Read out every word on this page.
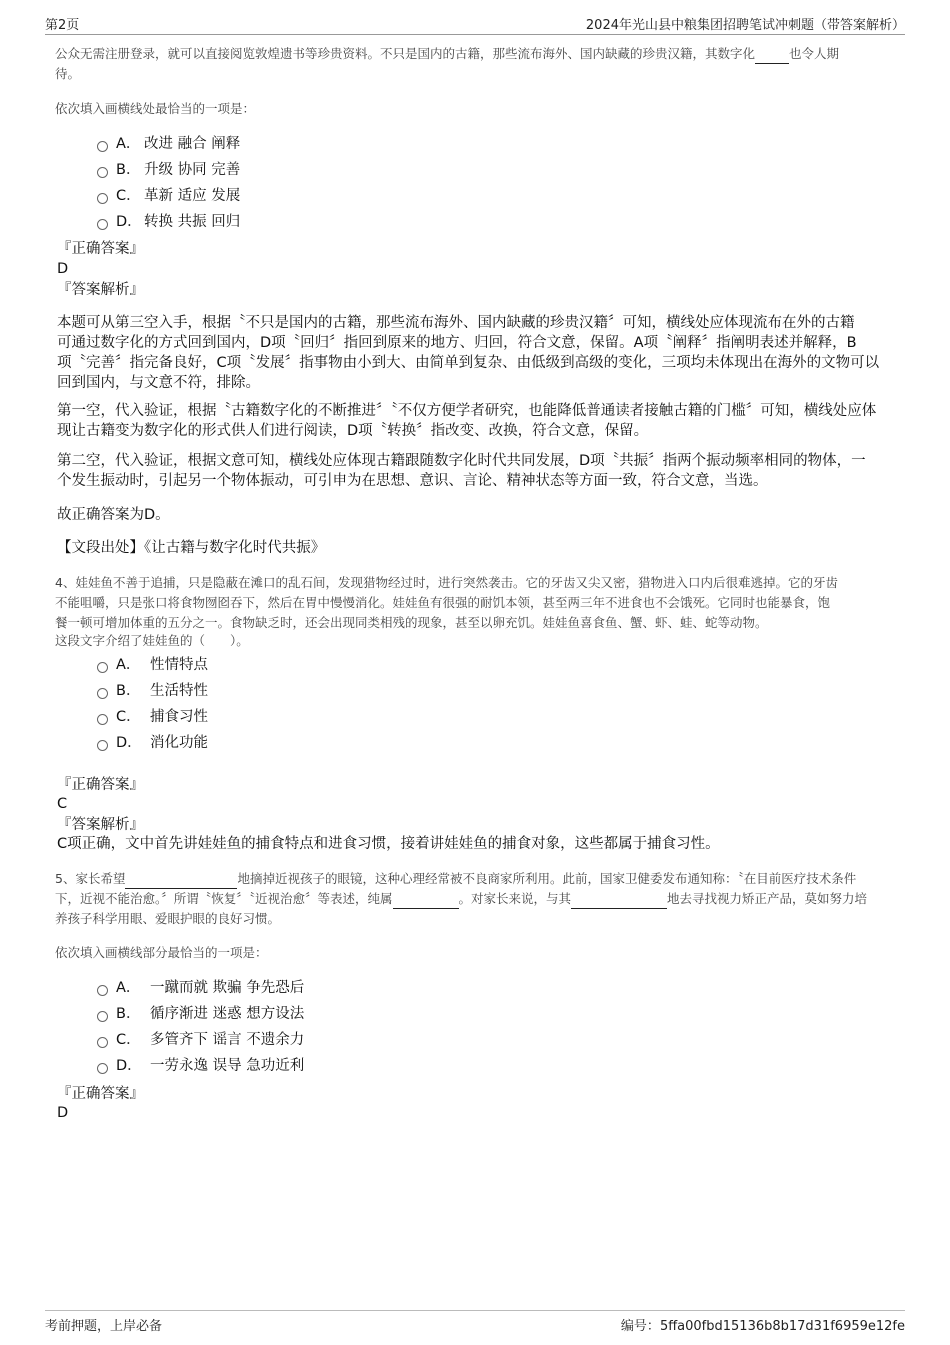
第2页	2024年光山县中粮集团招聘笔试冲刺题（带答案解析）
公众无需注册登录，就可以直接阅览敦煌遗书等珍贵资料。不只是国内的古籍，那些流布海外、国内缺藏的珍贵汉籍，其数字化	也令人期
待。
依次填入画横线处最恰当的一项是：
A． 改进 融合 阐释
B． 升级 协同 完善
C． 革新 适应 发展
D． 转换 共振 回归
『正确答案』
D
『答案解析』
本题可从第三空入手，根据〝不只是国内的古籍，那些流布海外、国内缺藏的珍贵汉籍〞可知，横线处应体现流布在外的古籍
可通过数字化的方式回到国内，D项〝回归〞指回到原来的地方、归回，符合文意，保留。A项〝阐释〞指阐明表述并解释，B
项〝完善〞指完备良好，C项〝发展〞指事物由小到大、由简单到复杂、由低级到高级的变化，三项均未体现出在海外的文物可以
回到国内，与文意不符，排除。
第一空，代入验证，根据〝古籍数字化的不断推进〞〝不仅方便学者研究，也能降低普通读者接触古籍的门槛〞可知，横线处应体
现让古籍变为数字化的形式供人们进行阅读，D项〝转换〞指改变、改换，符合文意，保留。
第二空，代入验证，根据文意可知，横线处应体现古籍跟随数字化时代共同发展，D项〝共振〞指两个振动频率相同的物体，一
个发生振动时，引起另一个物体振动，可引申为在思想、意识、言论、精神状态等方面一致，符合文意，当选。
故正确答案为D。
【文段出处】《让古籍与数字化时代共振》
4、娃娃鱼不善于追捕，只是隐蔽在滩口的乱石间，发现猎物经过时，进行突然袭击。它的牙齿又尖又密，猎物进入口内后很难逃掉。它的牙齿
不能咀嚼，只是张口将食物囫囵吞下，然后在胃中慢慢消化。娃娃鱼有很强的耐饥本领，甚至两三年不进食也不会饿死。它同时也能暴食，饱
餐一顿可增加体重的五分之一。食物缺乏时，还会出现同类相残的现象，甚至以卵充饥。娃娃鱼喜食鱼、蟹、虾、蛙、蛇等动物。
这段文字介绍了娃娃鱼的（　　）。
A． 性情特点
B． 生活特性
C． 捕食习性
D． 消化功能
『正确答案』
C
『答案解析』
C项正确，文中首先讲娃娃鱼的捕食特点和进食习惯，接着讲娃娃鱼的捕食对象，这些都属于捕食习性。
5、家长希望	地摘掉近视孩子的眼镜，这种心理经常被不良商家所利用。此前，国家卫健委发布通知称：〝在目前医疗技术条件
下，近视不能治愈。〞所谓〝恢复〞〝近视治愈〞等表述，纯属	。对家长来说，与其	地去寻找视力矫正产品，莫如努力培
养孩子科学用眼、爱眼护眼的良好习惯。
依次填入画横线部分最恰当的一项是：
A． 一蹴而就 欺骗 争先恐后
B． 循序渐进 迷惑 想方设法
C． 多管齐下 谣言 不遗余力
D． 一劳永逸 误导 急功近利
『正确答案』
D
考前押题，上岸必备	编号：5ffa00fbd15136b8b17d31f6959e12fe
